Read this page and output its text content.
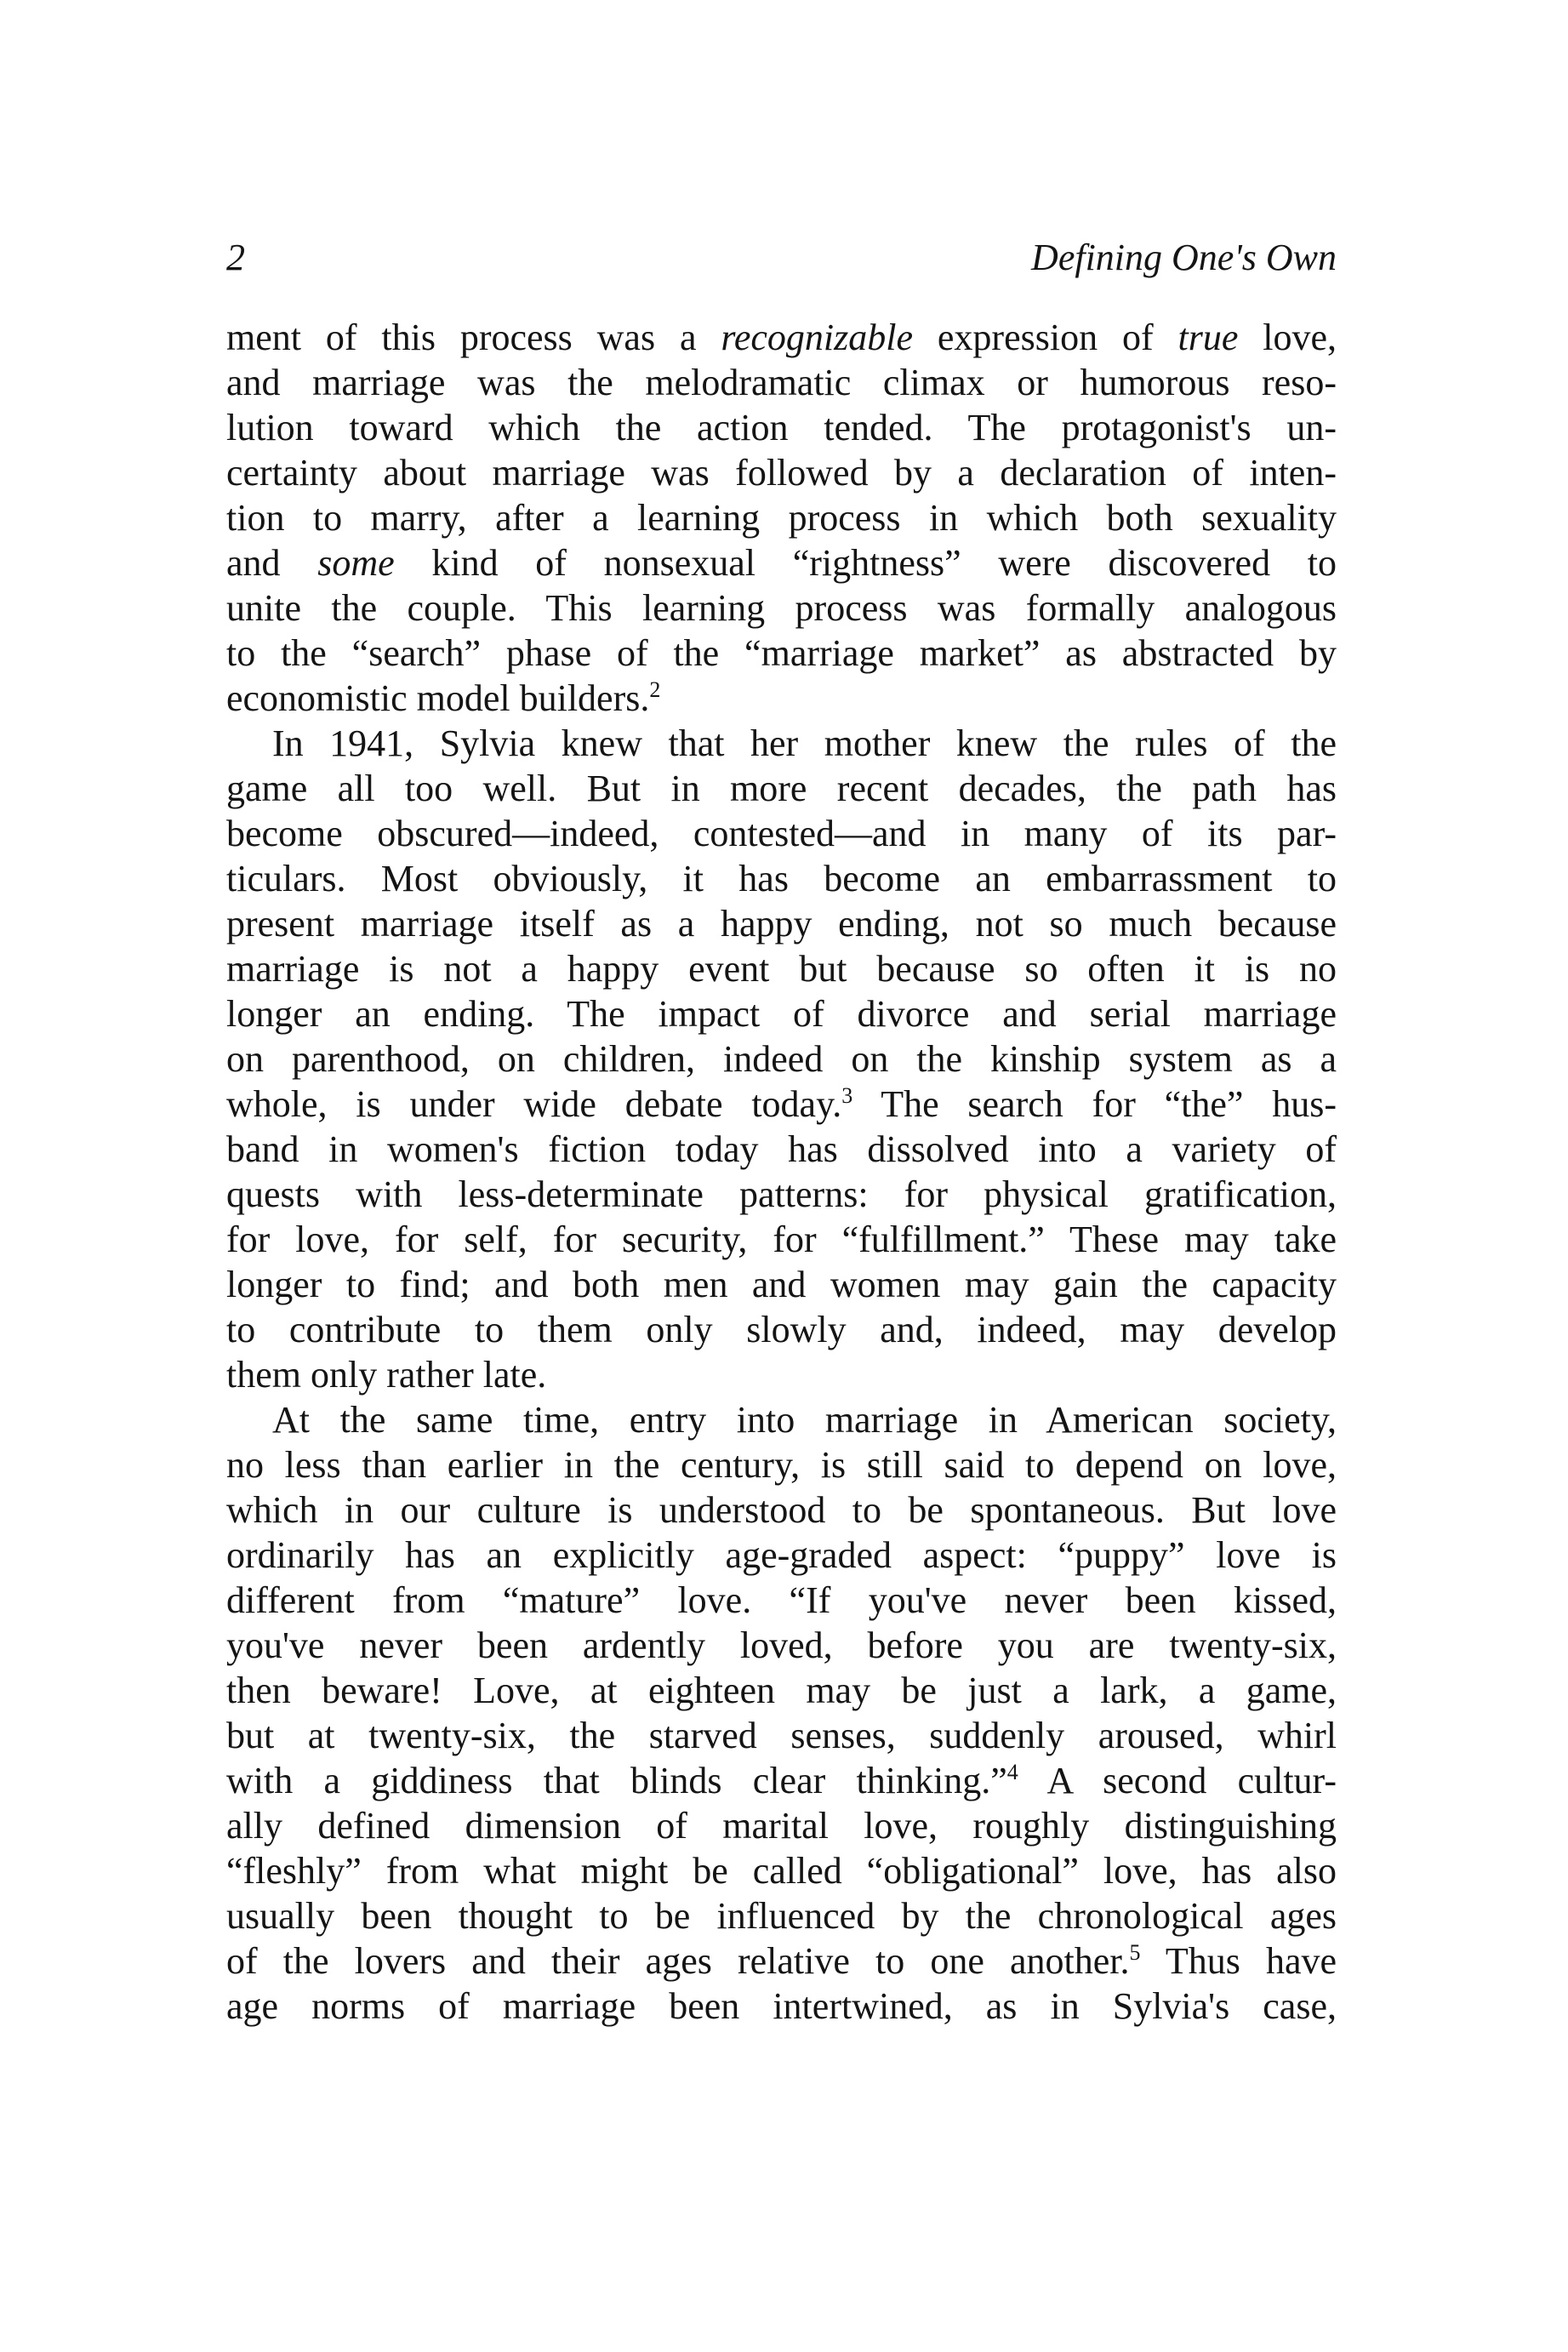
2	Defining One's Own
ment of this process was a recognizable expression of true love,
and marriage was the melodramatic climax or humorous reso-
lution toward which the action tended. The protagonist's un-
certainty about marriage was followed by a declaration of inten-
tion to marry, after a learning process in which both sexuality
and some kind of nonsexual “rightness” were discovered to
unite the couple. This learning process was formally analogous
to the “search” phase of the “marriage market” as abstracted by
economistic model builders.$^2$
In 1941, Sylvia knew that her mother knew the rules of the
game all too well. But in more recent decades, the path has
become obscured—indeed, contested—and in many of its par-
ticulars. Most obviously, it has become an embarrassment to
present marriage itself as a happy ending, not so much because
marriage is not a happy event but because so often it is no
longer an ending. The impact of divorce and serial marriage
on parenthood, on children, indeed on the kinship system as a
whole, is under wide debate today.$^3$ The search for “the” hus-
band in women's fiction today has dissolved into a variety of
quests with less-determinate patterns: for physical gratification,
for love, for self, for security, for “fulfillment.” These may take
longer to find; and both men and women may gain the capacity
to contribute to them only slowly and, indeed, may develop
them only rather late.
At the same time, entry into marriage in American society,
no less than earlier in the century, is still said to depend on love,
which in our culture is understood to be spontaneous. But love
ordinarily has an explicitly age-graded aspect: “puppy” love is
different from “mature” love. “If you've never been kissed,
you've never been ardently loved, before you are twenty-six,
then beware! Love, at eighteen may be just a lark, a game,
but at twenty-six, the starved senses, suddenly aroused, whirl
with a giddiness that blinds clear thinking.”$^4$ A second cultur-
ally defined dimension of marital love, roughly distinguishing
“fleshly” from what might be called “obligational” love, has also
usually been thought to be influenced by the chronological ages
of the lovers and their ages relative to one another.$^5$ Thus have
age norms of marriage been intertwined, as in Sylvia's case,
